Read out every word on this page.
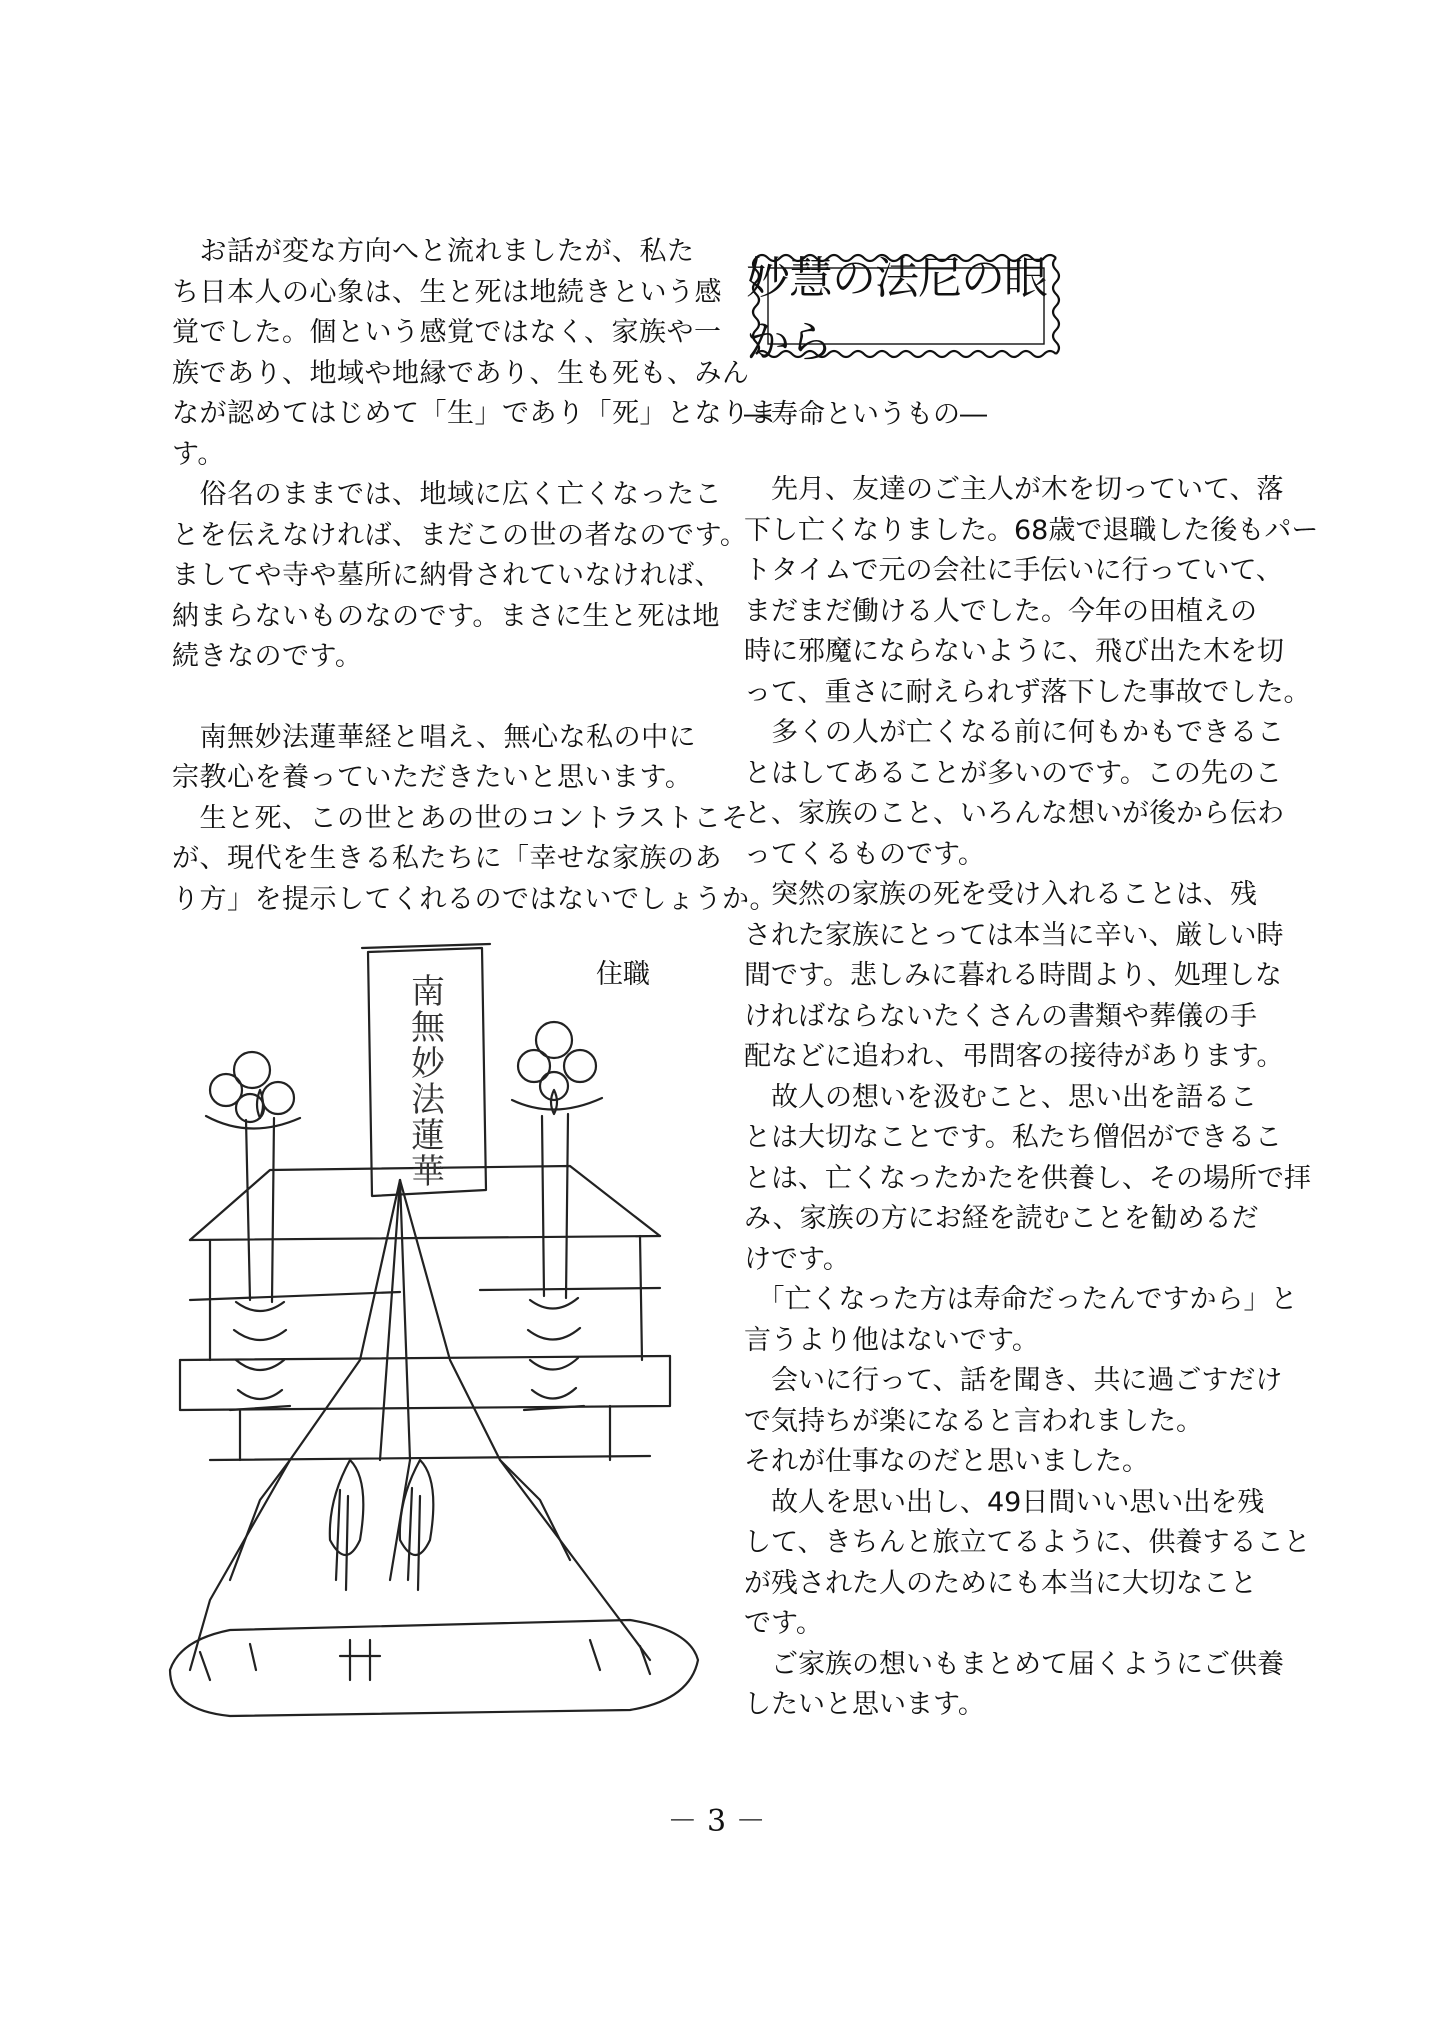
　お話が変な方向へと流れましたが、私た
ち日本人の心象は、生と死は地続きという感
覚でした。個という感覚ではなく、家族や一
族であり、地域や地縁であり、生も死も、みん
なが認めてはじめて「生」であり「死」となりま
す。
　俗名のままでは、地域に広く亡くなったこ
とを伝えなければ、まだこの世の者なのです。
ましてや寺や墓所に納骨されていなければ、
納まらないものなのです。まさに生と死は地
続きなのです。
　南無妙法蓮華経と唱え、無心な私の中に
宗教心を養っていただきたいと思います。
　生と死、この世とあの世のコントラストこそ
が、現代を生きる私たちに「幸せな家族のあ
り方」を提示してくれるのではないでしょうか。
住職
南
無
妙
法
蓮
華
妙慧の法尼の眼から
―寿命というもの―
　先月、友達のご主人が木を切っていて、落
下し亡くなりました。68歳で退職した後もパー
トタイムで元の会社に手伝いに行っていて、
まだまだ働ける人でした。今年の田植えの
時に邪魔にならないように、飛び出た木を切
って、重さに耐えられず落下した事故でした。
　多くの人が亡くなる前に何もかもできるこ
とはしてあることが多いのです。この先のこ
と、家族のこと、いろんな想いが後から伝わ
ってくるものです。
　突然の家族の死を受け入れることは、残
された家族にとっては本当に辛い、厳しい時
間です。悲しみに暮れる時間より、処理しな
ければならないたくさんの書類や葬儀の手
配などに追われ、弔問客の接待があります。
　故人の想いを汲むこと、思い出を語るこ
とは大切なことです。私たち僧侶ができるこ
とは、亡くなったかたを供養し、その場所で拝
み、家族の方にお経を読むことを勧めるだ
けです。
　「亡くなった方は寿命だったんですから」と
言うより他はないです。
　会いに行って、話を聞き、共に過ごすだけ
で気持ちが楽になると言われました。
それが仕事なのだと思いました。
　故人を思い出し、49日間いい思い出を残
して、きちんと旅立てるように、供養すること
が残された人のためにも本当に大切なこと
です。
　ご家族の想いもまとめて届くようにご供養
したいと思います。
－ 3 －
